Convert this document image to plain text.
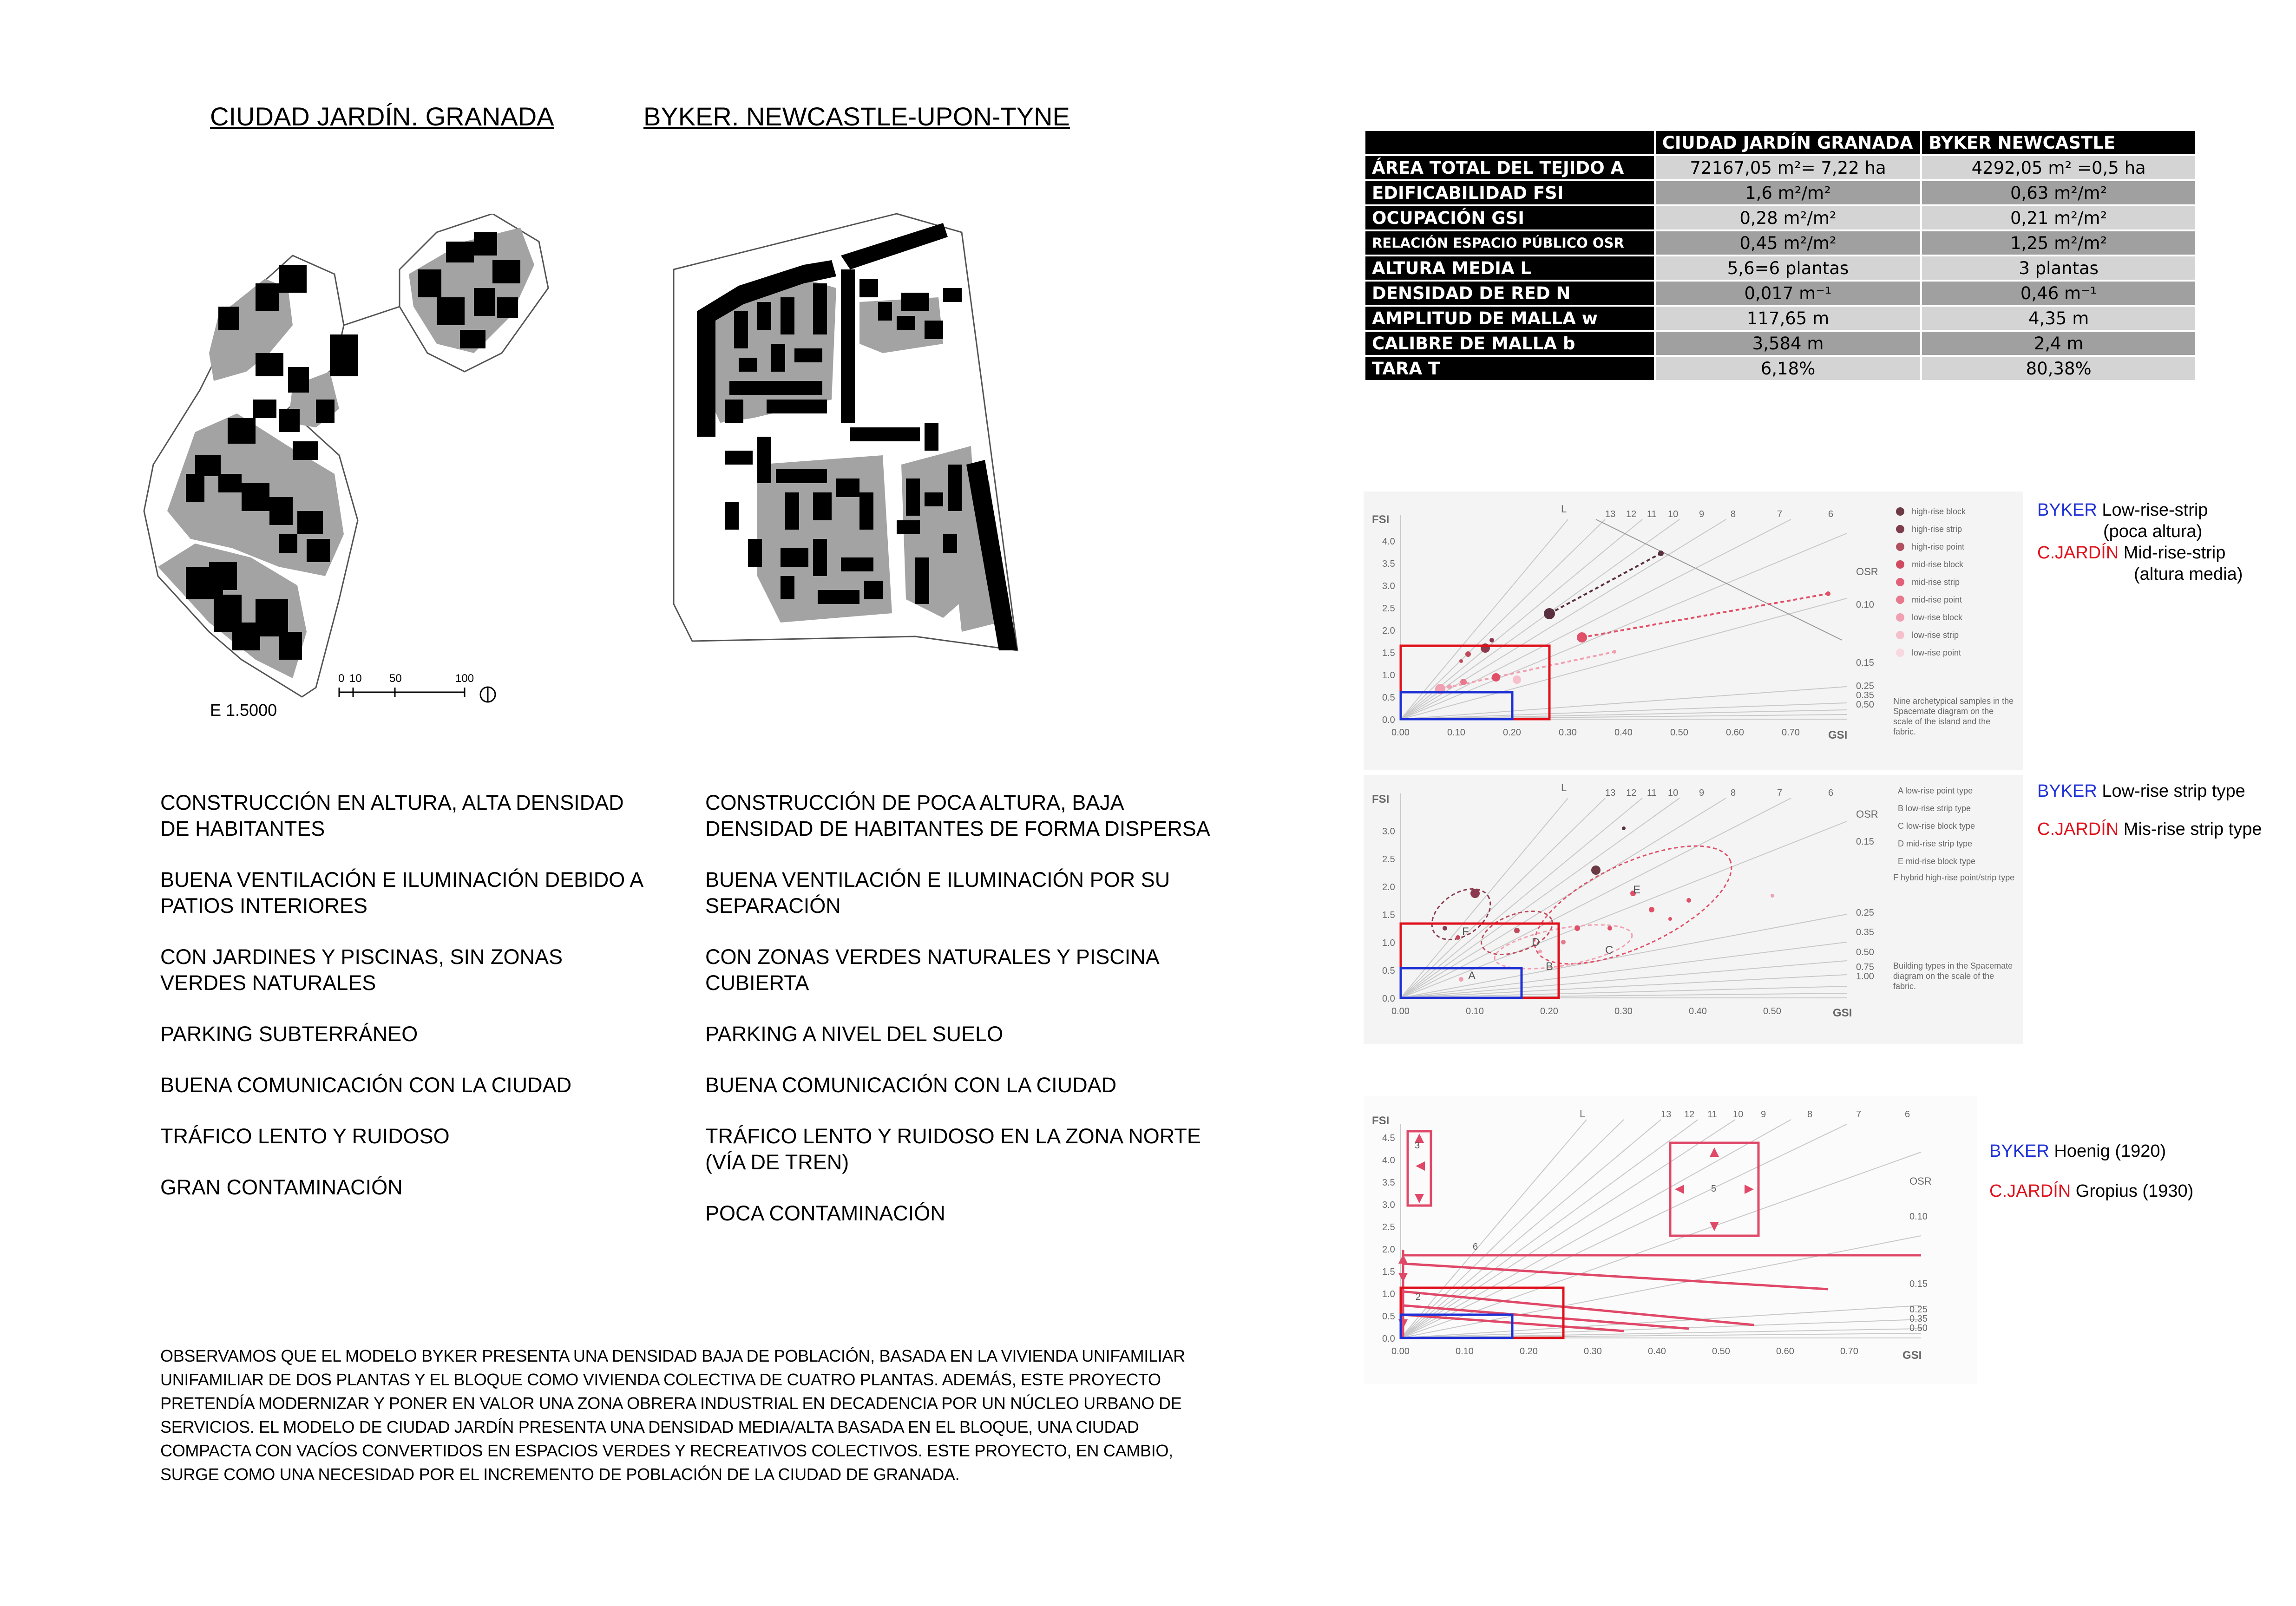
CIUDAD JARDÍN. GRANADA	BYKER. NEWCASTLE-UPON-TYNE
0 10 50	100
E 1.5000
	CIUDAD JARDÍN GRANADA	BYKER NEWCASTLE
ÁREA TOTAL DEL TEJIDO A	72167,05 m²= 7,22 ha	4292,05 m² =0,5 ha
EDIFICABILIDAD FSI	1,6 m²/m²	0,63 m²/m²
OCUPACIÓN GSI	0,28 m²/m²	0,21 m²/m²
RELACIÓN ESPACIO PÚBLICO OSR	0,45 m²/m²	1,25 m²/m²
ALTURA MEDIA L	5,6=6 plantas	3 plantas
DENSIDAD DE RED N	0,017 m⁻¹	0,46 m⁻¹
AMPLITUD DE MALLA w	117,65 m	4,35 m
CALIBRE DE MALLA b	3,584 m	2,4 m
TARA T	6,18%	80,38%

CONSTRUCCIÓN EN ALTURA, ALTA DENSIDAD DE HABITANTES

BUENA VENTILACIÓN E ILUMINACIÓN DEBIDO A PATIOS INTERIORES

CON JARDINES Y PISCINAS, SIN ZONAS VERDES NATURALES

PARKING SUBTERRÁNEO

BUENA COMUNICACIÓN CON LA CIUDAD

TRÁFICO LENTO Y RUIDOSO

GRAN CONTAMINACIÓN

CONSTRUCCIÓN DE POCA ALTURA, BAJA DENSIDAD DE HABITANTES DE FORMA DISPERSA

BUENA VENTILACIÓN E ILUMINACIÓN POR SU SEPARACIÓN

CON ZONAS VERDES NATURALES Y PISCINA CUBIERTA

PARKING A NIVEL DEL SUELO

BUENA COMUNICACIÓN CON LA CIUDAD

TRÁFICO LENTO Y RUIDOSO EN LA ZONA NORTE (VÍA DE TREN)

POCA CONTAMINACIÓN

OBSERVAMOS QUE EL MODELO BYKER PRESENTA UNA DENSIDAD BAJA DE POBLACIÓN, BASADA EN LA VIVIENDA UNIFAMILIAR UNIFAMILIAR DE DOS PLANTAS Y EL BLOQUE COMO VIVIENDA COLECTIVA DE CUATRO PLANTAS. ADEMÁS, ESTE PROYECTO PRETENDÍA MODERNIZAR Y PONER EN VALOR UNA ZONA OBRERA INDUSTRIAL EN DECADENCIA POR UN NÚCLEO URBANO DE SERVICIOS. EL MODELO DE CIUDAD JARDÍN PRESENTA UNA DENSIDAD MEDIA/ALTA BASADA EN EL BLOQUE, UNA CIUDAD COMPACTA CON VACÍOS CONVERTIDOS EN ESPACIOS VERDES Y RECREATIVOS COLECTIVOS. ESTE PROYECTO, EN CAMBIO, SURGE COMO UNA NECESIDAD POR EL INCREMENTO DE POBLACIÓN DE LA CIUDAD DE GRANADA.
FSI
GSI
OSR
L	13 12 11 10 9	8	7	6
0.10
0.15
0.25
0.35
0.50
0.0
0.5
1.0
1.5
2.0
2.5
3.0
3.5
4.0
0.00	0.10	0.20	0.30	0.40	0.50	0.60	0.70
high-rise block
high-rise strip
high-rise point
mid-rise block
mid-rise strip
mid-rise point
low-rise block
low-rise strip
low-rise point
Nine archetypical samples in the Spacemate diagram on the scale of the island and the fabric.
FSI
GSI
OSR
L	13 12 11 10 9	8	7	6
0.15
0.25
0.35
0.50
0.75
1.00
0.0
0.5
1.0
1.5
2.0
2.5
3.0
0.00	0.10	0.20	0.30	0.40	0.50
A
B
C
D
E
F
A low-rise point type
B low-rise strip type
C low-rise block type
D mid-rise strip type
E mid-rise block type
F hybrid high-rise point/strip type
Building types in the Spacemate diagram on the scale of the fabric.
FSI
GSI
OSR
L	13 12 11 10 9	8	7	6
0.10
0.15
0.25
0.35
0.50
0.0
0.5
1.0
1.5
2.0
2.5
3.0
3.5
4.0
4.5
0.00	0.10	0.20	0.30	0.40	0.50	0.60	0.70
3
5
6
2
BYKER Low-rise-strip
(poca altura)
C.JARDÍN Mid-rise-strip
(altura media)
BYKER Low-rise strip type
C.JARDÍN Mis-rise strip type
BYKER Hoenig (1920)
C.JARDÍN Gropius (1930)
